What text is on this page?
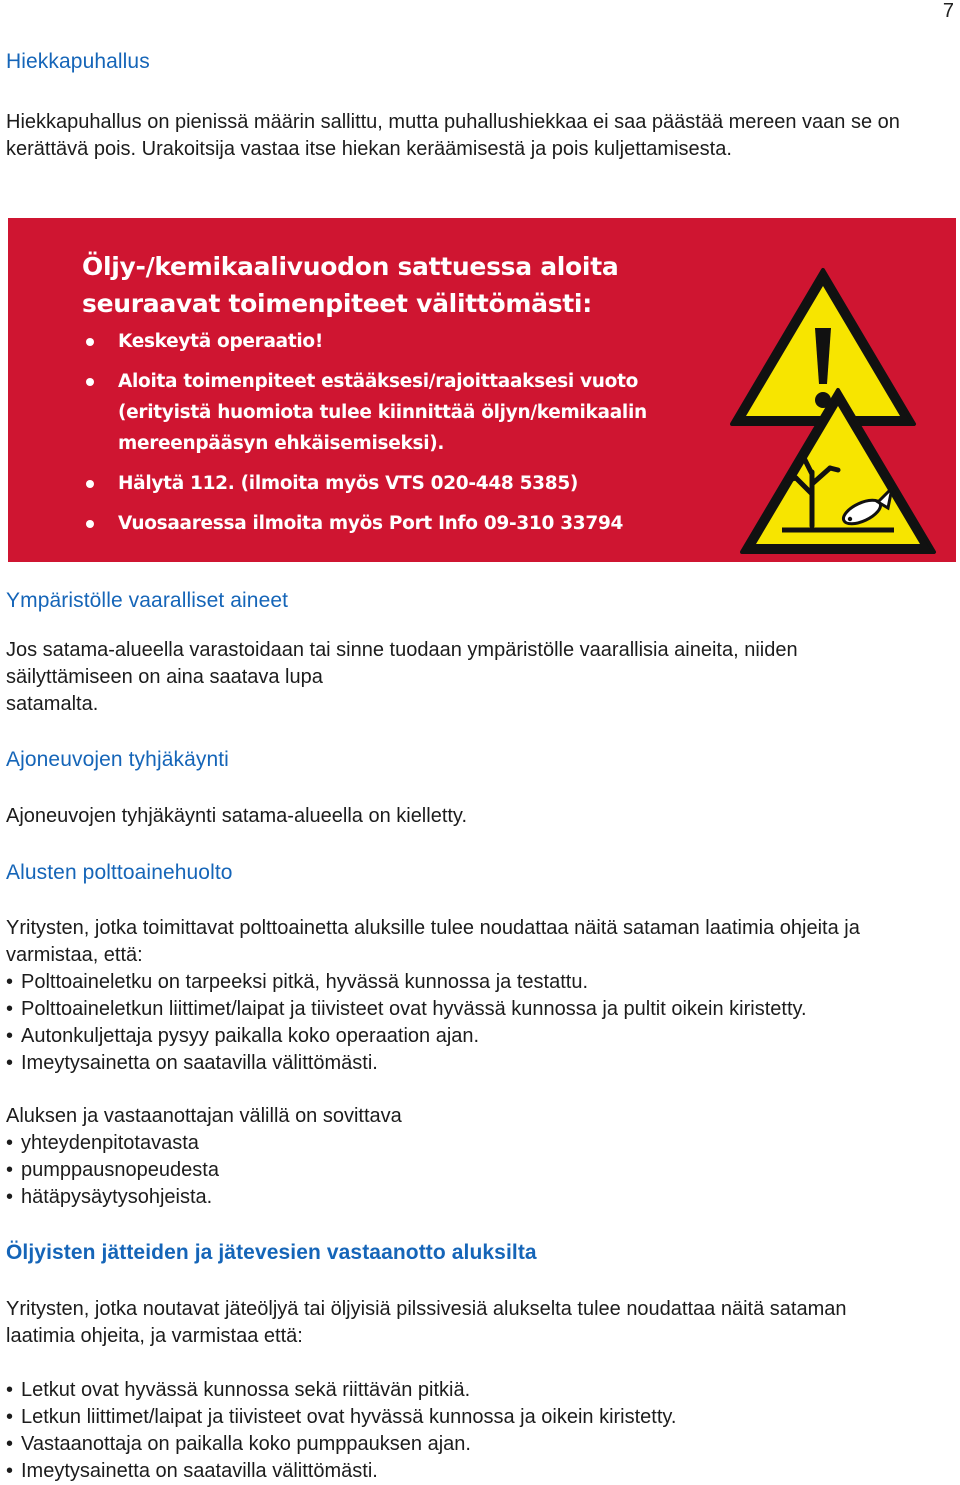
7
Hiekkapuhallus

Hiekkapuhallus on pienissä määrin sallittu, mutta puhallushiekkaa ei saa päästää mereen vaan se on kerättävä pois. Urakoitsija vastaa itse hiekan keräämisestä ja pois kuljettamisesta.

Öljy-/kemikaalivuodon sattuessa aloita
seuraavat toimenpiteet välittömästi:
Keskeytä operaatio!
Aloita toimenpiteet estääksesi/rajoittaaksesi vuoto (erityistä huomiota tulee kiinnittää öljyn/kemikaalin mereenpääsyn ehkäisemiseksi).
Hälytä 112. (ilmoita myös VTS 020-448 5385)
Vuosaaressa ilmoita myös Port Info 09-310 33794
Ympäristölle vaaralliset aineet
Jos satama-alueella varastoidaan tai sinne tuodaan ympäristölle vaarallisia aineita, niiden
säilyttämiseen on aina saatava lupa
satamalta.
Ajoneuvojen tyhjäkäynti

Ajoneuvojen tyhjäkäynti satama-alueella on kielletty.

Alusten polttoainehuolto

Yritysten, jotka toimittavat polttoainetta aluksille tulee noudattaa näitä sataman laatimia ohjeita ja varmistaa, että:

• Polttoaineletku on tarpeeksi pitkä, hyvässä kunnossa ja testattu.
• Polttoaineletkun liittimet/laipat ja tiivisteet ovat hyvässä kunnossa ja pultit oikein kiristetty.
• Autonkuljettaja pysyy paikalla koko operaation ajan.
• Imeytysainetta on saatavilla välittömästi.

Aluksen ja vastaanottajan välillä on sovittava

• yhteydenpitotavasta
• pumppausnopeudesta
• hätäpysäytysohjeista.
Öljyisten jätteiden ja jätevesien vastaanotto aluksilta

Yritysten, jotka noutavat jäteöljyä tai öljyisiä pilssivesiä alukselta tulee noudattaa näitä sataman laatimia ohjeita, ja varmistaa että:

• Letkut ovat hyvässä kunnossa sekä riittävän pitkiä.
• Letkun liittimet/laipat ja tiivisteet ovat hyvässä kunnossa ja oikein kiristetty.
• Vastaanottaja on paikalla koko pumppauksen ajan.
• Imeytysainetta on saatavilla välittömästi.
